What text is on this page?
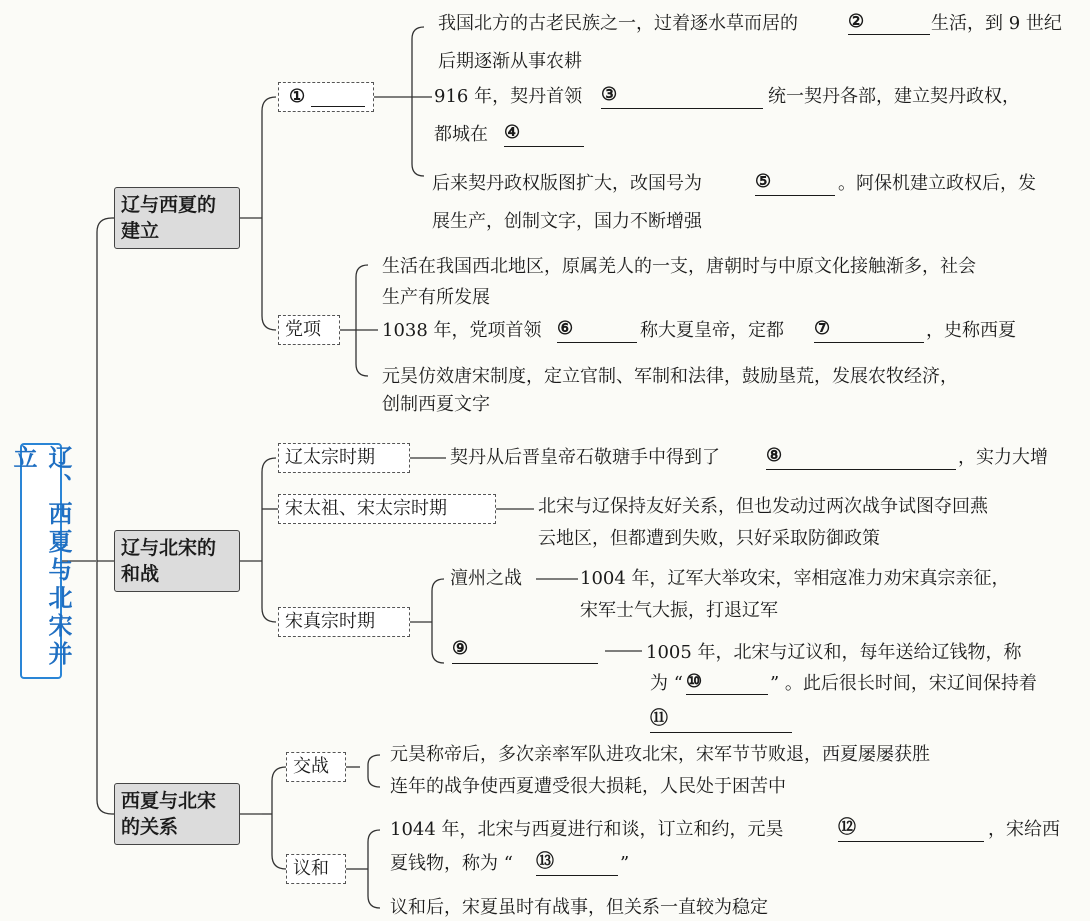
辽、西夏与北宋并立
辽与西夏的
建立
辽与北宋的
和战
西夏与北宋
的关系
①
我国北方的古老民族之一，过着逐水草而居的	②	生活，到 9 世纪
后期逐渐从事农耕
916 年，契丹首领 ③	统一契丹各部，建立契丹政权，
都城在 ④
后来契丹政权版图扩大，改国号为	⑤	。阿保机建立政权后，发
展生产，创制文字，国力不断增强
党项
生活在我国西北地区，原属羌人的一支，唐朝时与中原文化接触渐多，社会
生产有所发展
1038 年，党项首领 ⑥	称大夏皇帝，定都 ⑦	，史称西夏
元昊仿效唐宋制度，定立官制、军制和法律，鼓励垦荒，发展农牧经济，
创制西夏文字
辽太宗时期	契丹从后晋皇帝石敬瑭手中得到了	⑧	，实力大增
宋太祖、宋太宗时期	北宋与辽保持友好关系，但也发动过两次战争试图夺回燕
云地区，但都遭到失败，只好采取防御政策
宋真宗时期
澶州之战	1004 年，辽军大举攻宋，宰相寇准力劝宋真宗亲征，
宋军士气大振，打退辽军
⑨	1005 年，北宋与辽议和，每年送给辽钱物，称
为 “ ⑩	” 。此后很长时间，宋辽间保持着
⑪
交战
元昊称帝后，多次亲率军队进攻北宋，宋军节节败退，西夏屡屡获胜
连年的战争使西夏遭受很大损耗，人民处于困苦中
议和
1044 年，北宋与西夏进行和谈，订立和约，元昊	⑫	，宋给西
夏钱物，称为 “ ⑬	”
议和后，宋夏虽时有战事，但关系一直较为稳定
